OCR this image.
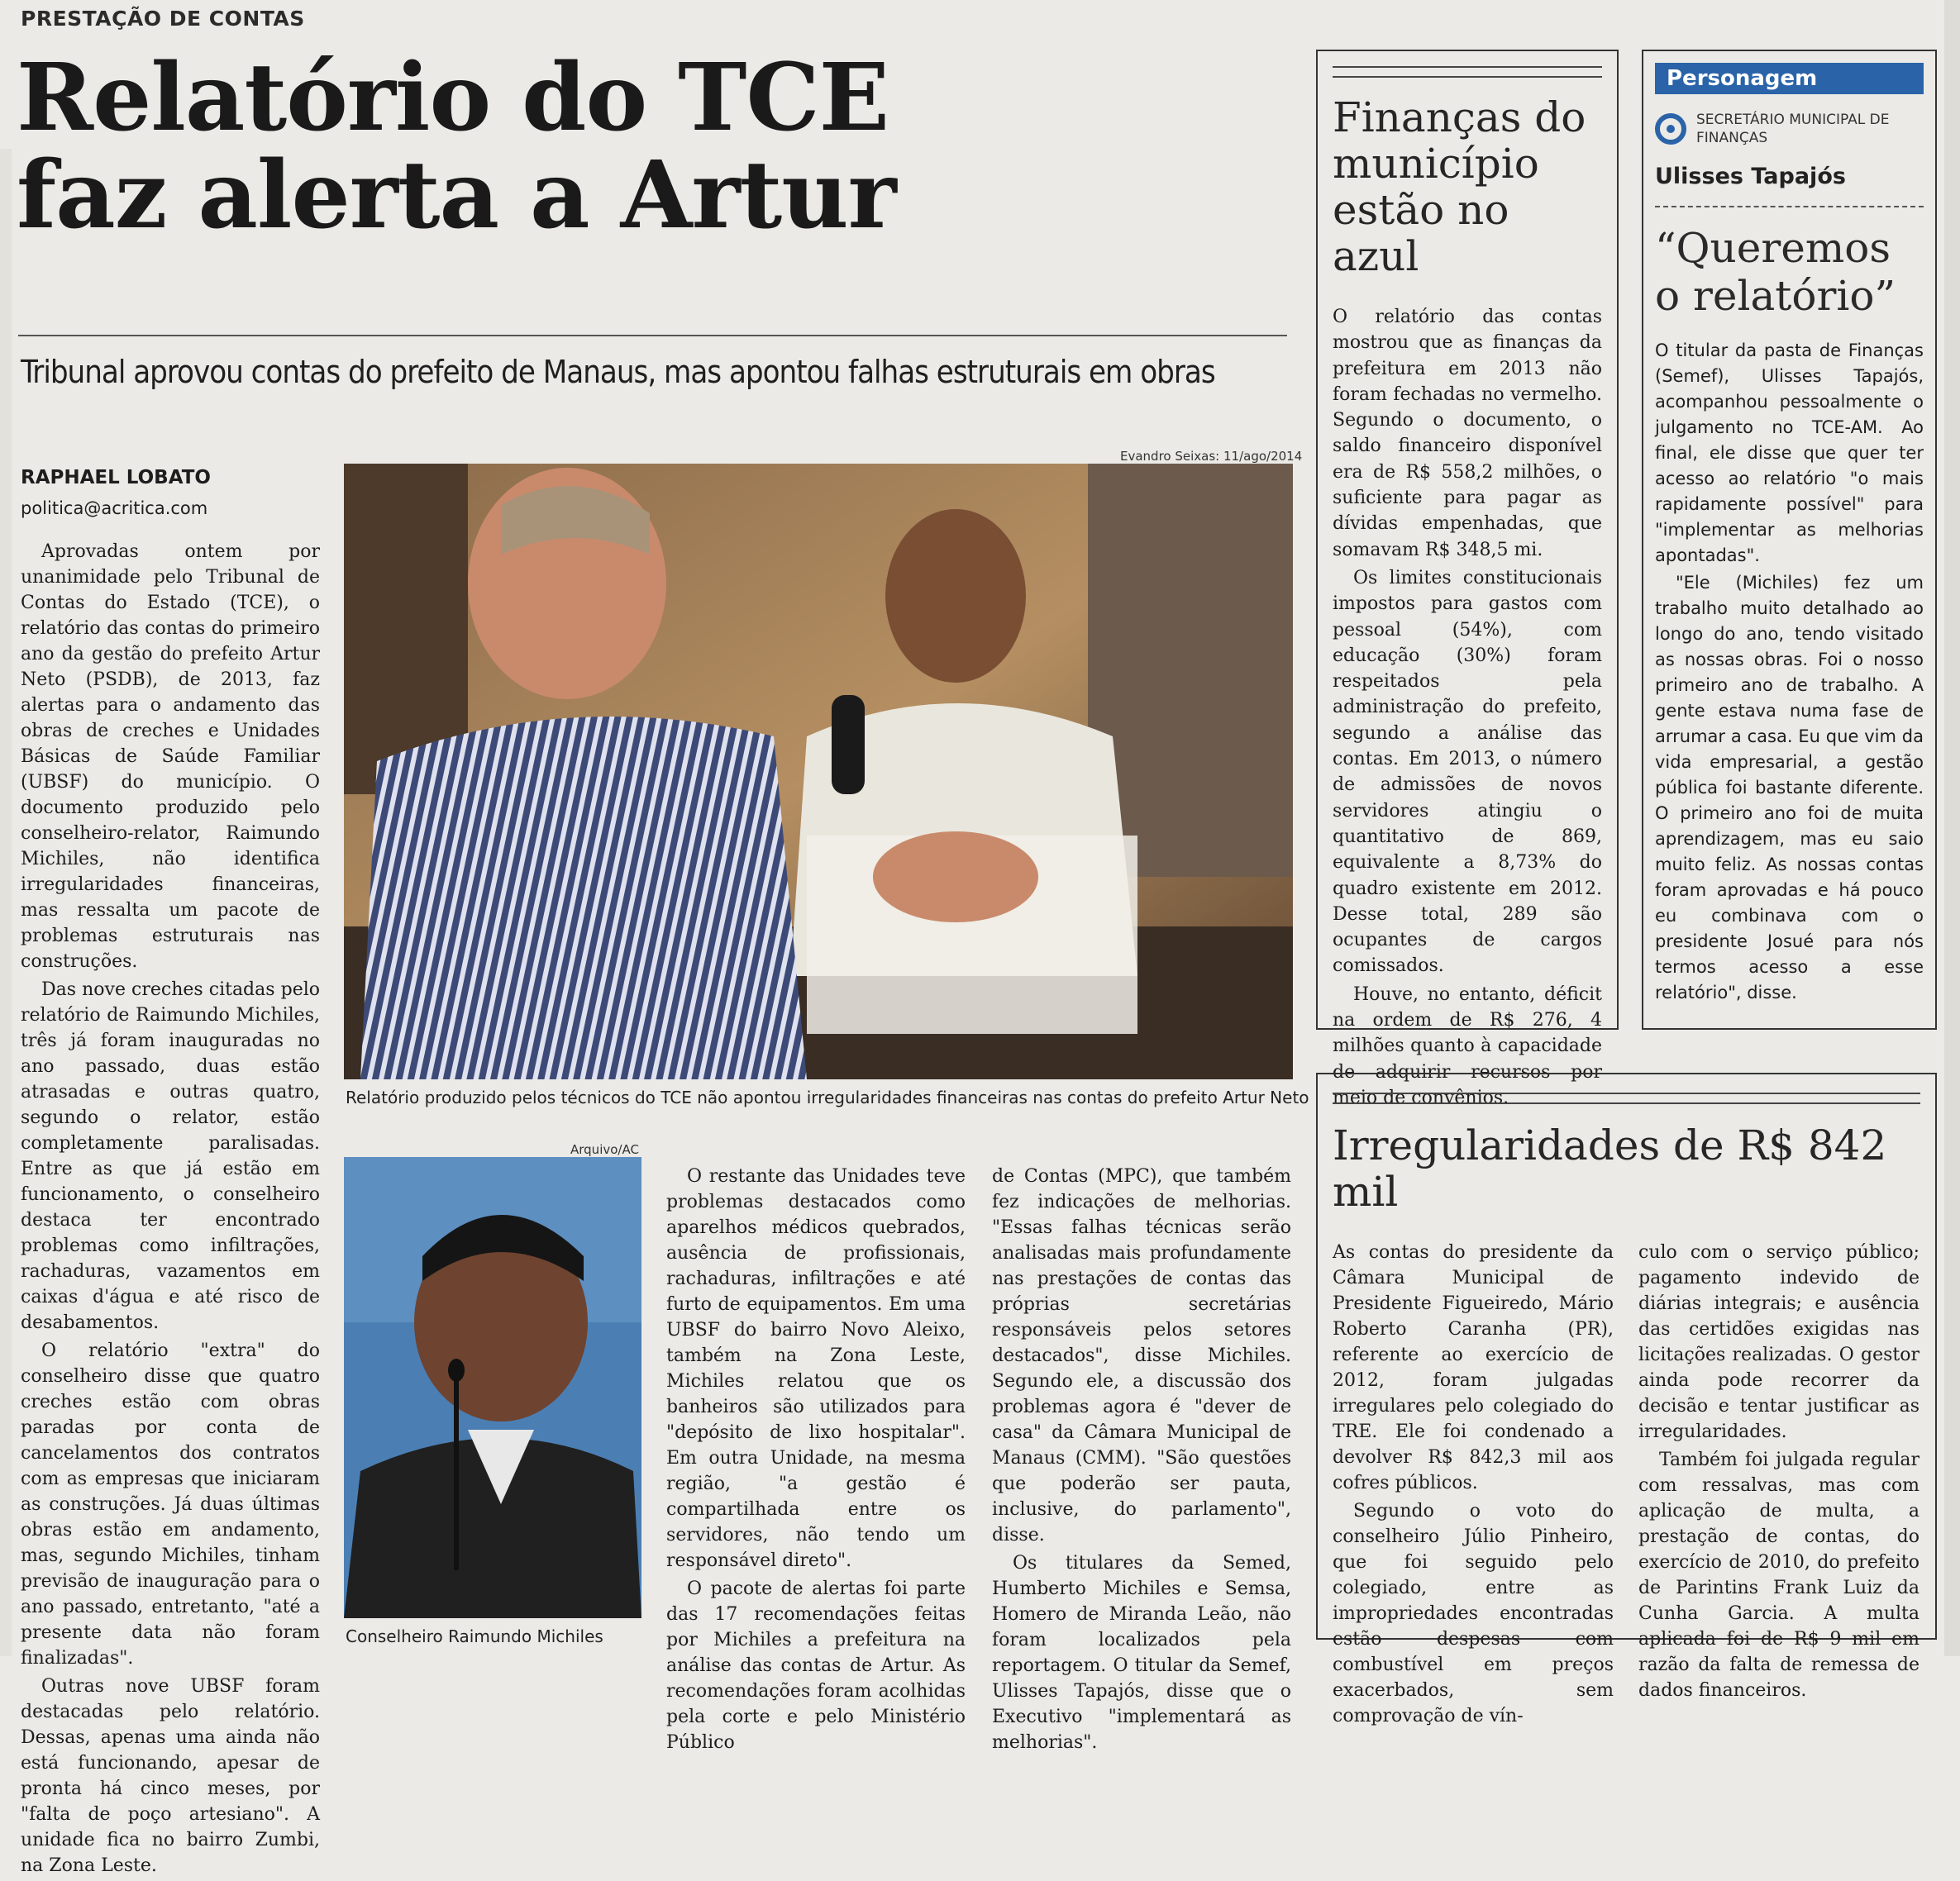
PRESTAÇÃO DE CONTAS
Relatório do TCE
faz alerta a Artur
Tribunal aprovou contas do prefeito de Manaus, mas apontou falhas estruturais em obras
RAPHAEL LOBATO
politica@acritica.com

Aprovadas ontem por unanimidade pelo Tribunal de Contas do Estado (TCE), o relatório das contas do primeiro ano da gestão do prefeito Artur Neto (PSDB), de 2013, faz alertas para o andamento das obras de creches e Unidades Básicas de Saúde Familiar (UBSF) do município. O documento produzido pelo conselheiro-relator, Raimundo Michiles, não identifica irregularidades financeiras, mas ressalta um pacote de problemas estruturais nas construções.

Das nove creches citadas pelo relatório de Raimundo Michiles, três já foram inauguradas no ano passado, duas estão atrasadas e outras quatro, segundo o relator, estão completamente paralisadas. Entre as que já estão em funcionamento, o conselheiro destaca ter encontrado problemas como infiltrações, rachaduras, vazamentos em caixas d'água e até risco de desabamentos.

O relatório "extra" do conselheiro disse que quatro creches estão com obras paradas por conta de cancelamentos dos contratos com as empresas que iniciaram as construções. Já duas últimas obras estão em andamento, mas, segundo Michiles, tinham previsão de inauguração para o ano passado, entretanto, "até a presente data não foram finalizadas".

Outras nove UBSF foram destacadas pelo relatório. Dessas, apenas uma ainda não está funcionando, apesar de pronta há cinco meses, por "falta de poço artesiano". A unidade fica no bairro Zumbi, na Zona Leste.

Evandro Seixas: 11/ago/2014
Relatório produzido pelos técnicos do TCE não apontou irregularidades financeiras nas contas do prefeito Artur Neto
Arquivo/AC
Conselheiro Raimundo Michiles

O restante das Unidades teve problemas destacados como aparelhos médicos quebrados, ausência de profissionais, rachaduras, infiltrações e até furto de equipamentos. Em uma UBSF do bairro Novo Aleixo, também na Zona Leste, Michiles relatou que os banheiros são utilizados para "depósito de lixo hospitalar". Em outra Unidade, na mesma região, "a gestão é compartilhada entre os servidores, não tendo um responsável direto".

O pacote de alertas foi parte das 17 recomendações feitas por Michiles a prefeitura na análise das contas de Artur. As recomendações foram acolhidas pela corte e pelo Ministério Público

de Contas (MPC), que também fez indicações de melhorias. "Essas falhas técnicas serão analisadas mais profundamente nas prestações de contas das próprias secretárias responsáveis pelos setores destacados", disse Michiles. Segundo ele, a discussão dos problemas agora é "dever de casa" da Câmara Municipal de Manaus (CMM). "São questões que poderão ser pauta, inclusive, do parlamento", disse.

Os titulares da Semed, Humberto Michiles e Semsa, Homero de Miranda Leão, não foram localizados pela reportagem. O titular da Semef, Ulisses Tapajós, disse que o Executivo "implementará as melhorias".

Finanças do município estão no azul

O relatório das contas mostrou que as finanças da prefeitura em 2013 não foram fechadas no vermelho. Segundo o documento, o saldo financeiro disponível era de R$ 558,2 milhões, o suficiente para pagar as dívidas empenhadas, que somavam R$ 348,5 mi.

Os limites constitucionais impostos para gastos com pessoal (54%), com educação (30%) foram respeitados pela administração do prefeito, segundo a análise das contas. Em 2013, o número de admissões de novos servidores atingiu o quantitativo de 869, equivalente a 8,73% do quadro existente em 2012. Desse total, 289 são ocupantes de cargos comissados.

Houve, no entanto, déficit na ordem de R$ 276, 4 milhões quanto à capacidade de adquirir recursos por meio de convênios.

Personagem
SECRETÁRIO MUNICIPAL DE FINANÇAS
Ulisses Tapajós
“Queremos o relatório”

O titular da pasta de Finanças (Semef), Ulisses Tapajós, acompanhou pessoalmente o julgamento no TCE-AM. Ao final, ele disse que quer ter acesso ao relatório "o mais rapidamente possível" para "implementar as melhorias apontadas".

"Ele (Michiles) fez um trabalho muito detalhado ao longo do ano, tendo visitado as nossas obras. Foi o nosso primeiro ano de trabalho. A gente estava numa fase de arrumar a casa. Eu que vim da vida empresarial, a gestão pública foi bastante diferente. O primeiro ano foi de muita aprendizagem, mas eu saio muito feliz. As nossas contas foram aprovadas e há pouco eu combinava com o presidente Josué para nós termos acesso a esse relatório", disse.

Irregularidades de R$ 842 mil

As contas do presidente da Câmara Municipal de Presidente Figueiredo, Mário Roberto Caranha (PR), referente ao exercício de 2012, foram julgadas irregulares pelo colegiado do TRE. Ele foi condenado a devolver R$ 842,3 mil aos cofres públicos.

Segundo o voto do conselheiro Júlio Pinheiro, que foi seguido pelo colegiado, entre as impropriedades encontradas estão despesas com combustível em preços exacerbados, sem comprovação de vín-

culo com o serviço público; pagamento indevido de diárias integrais; e ausência das certidões exigidas nas licitações realizadas. O gestor ainda pode recorrer da decisão e tentar justificar as irregularidades.

Também foi julgada regular com ressalvas, mas com aplicação de multa, a prestação de contas, do exercício de 2010, do prefeito de Parintins Frank Luiz da Cunha Garcia. A multa aplicada foi de R$ 9 mil em razão da falta de remessa de dados financeiros.
